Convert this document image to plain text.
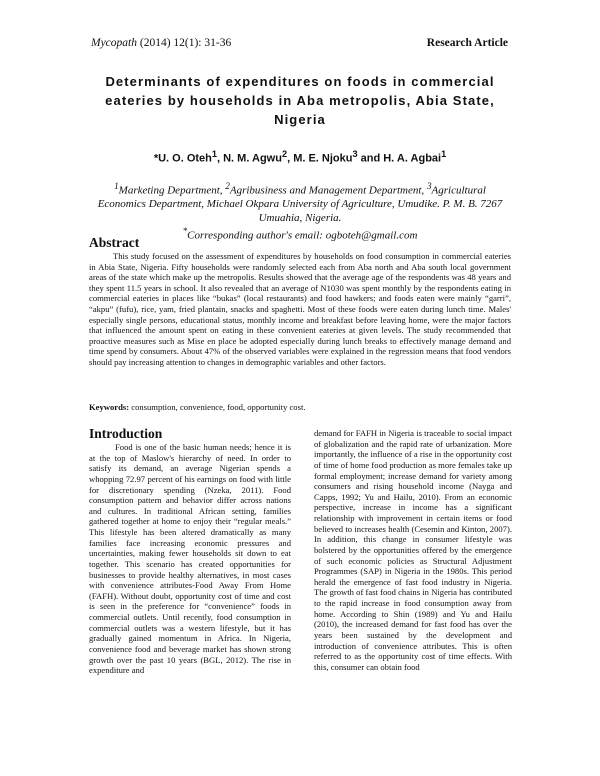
Mycopath (2014) 12(1): 31-36	Research Article
Determinants of expenditures on foods in commercial eateries by households in Aba metropolis, Abia State, Nigeria
*U. O. Oteh$^1$, N. M. Agwu$^2$, M. E. Njoku$^3$ and H. A. Agbai$^1$
$^1$Marketing Department, $^2$Agribusiness and Management Department, $^3$Agricultural Economics Department, Michael Okpara University of Agriculture, Umudike. P. M. B. 7267 Umuahia, Nigeria.
*Corresponding author's email: ogboteh@gmail.com
Abstract
This study focused on the assessment of expenditures by households on food consumption in commercial eateries in Abia State, Nigeria. Fifty households were randomly selected each from Aba north and Aba south local government areas of the state which make up the metropolis. Results showed that the average age of the respondents was 48 years and they spent 11.5 years in school. It also revealed that an average of N1030 was spent monthly by the respondents eating in commercial eateries in places like “bukas” (local restaurants) and food hawkers; and foods eaten were mainly “garri”, “akpu” (fufu), rice, yam, fried plantain, snacks and spaghetti. Most of these foods were eaten during lunch time. Males' especially single persons, educational status, monthly income and breakfast before leaving home, were the major factors that influenced the amount spent on eating in these convenient eateries at given levels. The study recommended that proactive measures such as Mise en place be adopted especially during lunch breaks to effectively manage demand and time spend by consumers. About 47% of the observed variables were explained in the regression means that food vendors should pay increasing attention to changes in demographic variables and other factors.
Keywords: consumption, convenience, food, opportunity cost.
Introduction
Food is one of the basic human needs; hence it is at the top of Maslow's hierarchy of need. In order to satisfy its demand, an average Nigerian spends a whopping 72.97 percent of his earnings on food with little for discretionary spending (Nzeka, 2011). Food consumption pattern and behavior differ across nations and cultures. In traditional African setting, families gathered together at home to enjoy their “regular meals.” This lifestyle has been altered dramatically as many families face increasing economic pressures and uncertainties, making fewer households sit down to eat together. This scenario has created opportunities for businesses to provide healthy alternatives, in most cases with convenience attributes-Food Away From Home (FAFH). Without doubt, opportunity cost of time and cost is seen in the preference for “convenience” foods in commercial outlets. Until recently, food consumption in commercial outlets was a western lifestyle, but it has gradually gained momentum in Africa. In Nigeria, convenience food and beverage market has shown strong growth over the past 10 years (BGL, 2012). The rise in expenditure and
demand for FAFH in Nigeria is traceable to social impact of globalization and the rapid rate of urbanization. More importantly, the influence of a rise in the opportunity cost of time of home food production as more females take up formal employment; increase demand for variety among consumers and rising household income (Nayga and Capps, 1992; Yu and Hailu, 2010). From an economic perspective, increase in income has a significant relationship with improvement in certain items or food believed to increases health (Cesemin and Kinton, 2007). In addition, this change in consumer lifestyle was bolstered by the opportunities offered by the emergence of such economic policies as Structural Adjustment Programmes (SAP) in Nigeria in the 1980s. This period herald the emergence of fast food industry in Nigeria. The growth of fast food chains in Nigeria has contributed to the rapid increase in food consumption away from home. According to Shin (1989) and Yu and Hailu (2010), the increased demand for fast food has over the years been sustained by the development and introduction of convenience attributes. This is often referred to as the opportunity cost of time effects. With this, consumer can obtain food
